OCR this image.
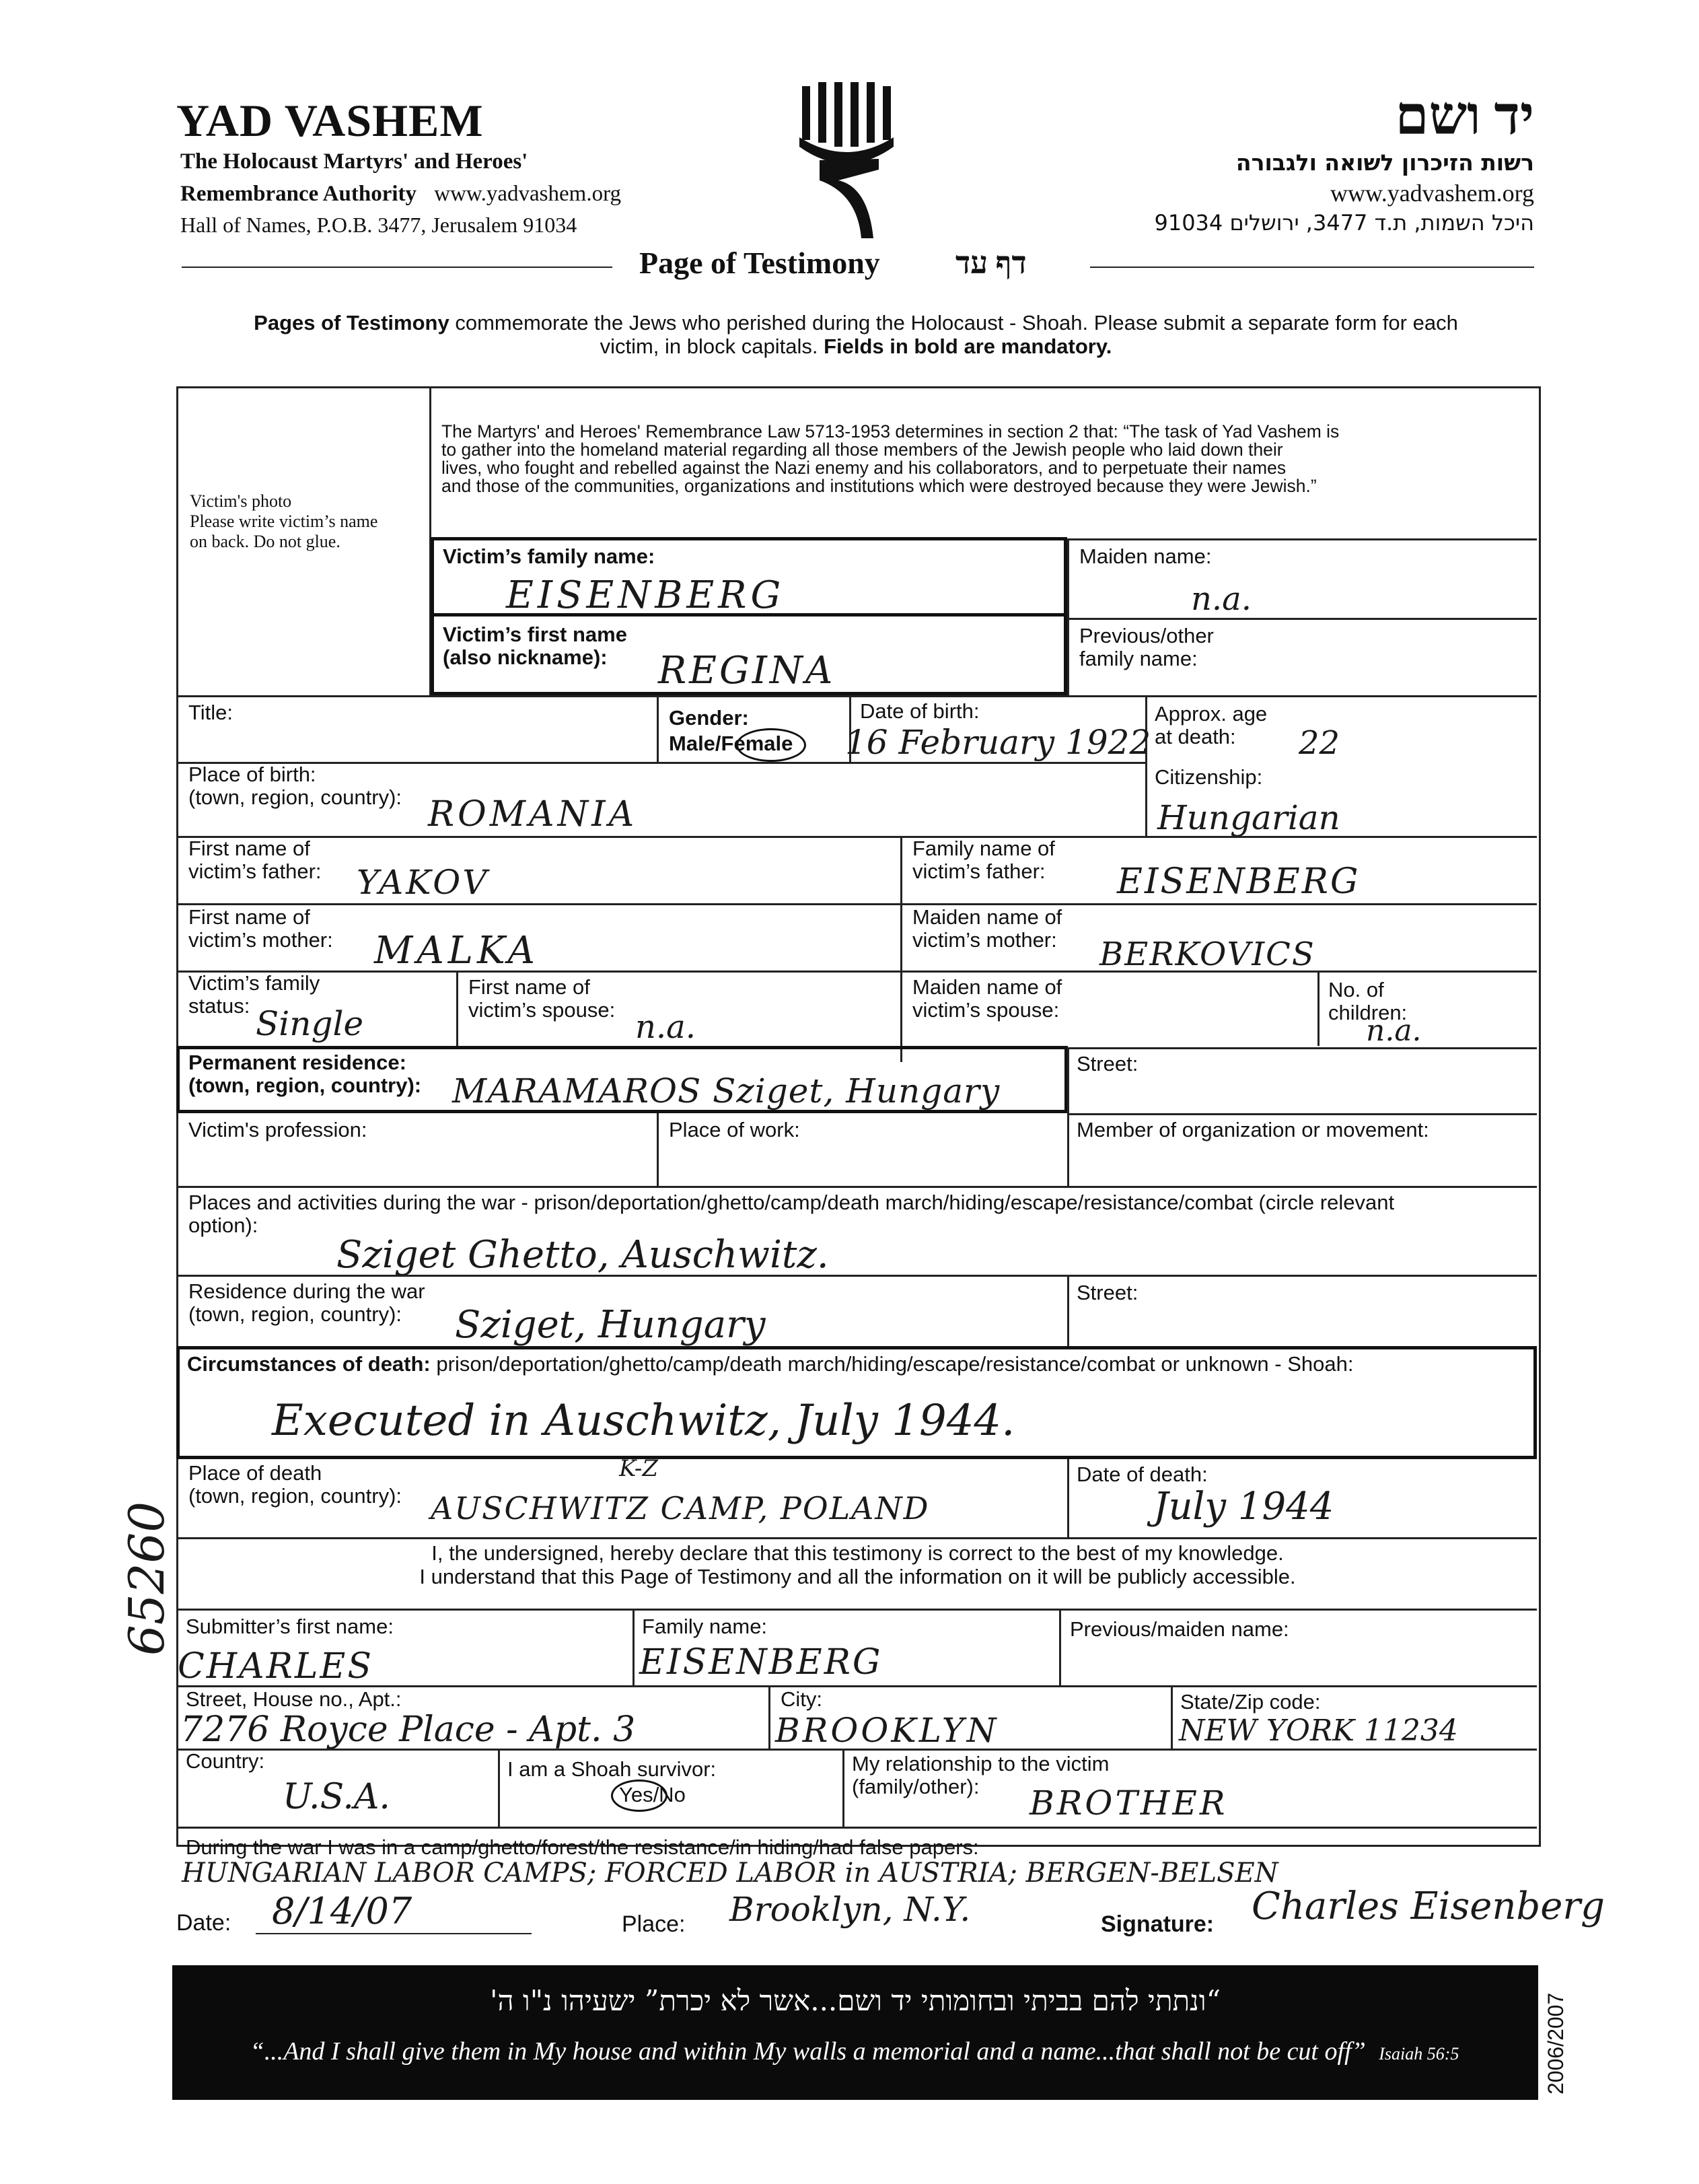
YAD VASHEM
The Holocaust Martyrs' and Heroes'
Remembrance Authority www.yadvashem.org
Hall of Names, P.O.B. 3477, Jerusalem 91034
יד ושם
רשות הזיכרון לשואה ולגבורה
www.yadvashem.org
היכל השמות, ת.ד 3477, ירושלים 91034
Page of Testimony דף עד
Pages of Testimony commemorate the Jews who perished during the Holocaust - Shoah. Please submit a separate form for each
victim, in block capitals. Fields in bold are mandatory.
Victim's photo
Please write victim’s name
on back. Do not glue.
The Martyrs' and Heroes' Remembrance Law 5713-1953 determines in section 2 that: “The task of Yad Vashem is
to gather into the homeland material regarding all those members of the Jewish people who laid down their
lives, who fought and rebelled against the Nazi enemy and his collaborators, and to perpetuate their names
and those of the communities, organizations and institutions which were destroyed because they were Jewish.”
Victim’s family name:
EISENBERG
Maiden name:
n.a.
Victim’s first name
(also nickname):	REGINA
Previous/other
family name:
Title:	Gender:
Male/Female
Date of birth:
16 February 1922
Approx. age
at death:	22
Place of birth:
(town, region, country): ROMANIA
Citizenship:
Hungarian
First name of
victim’s father: YAKOV
Family name of
victim’s father: EISENBERG
First name of
victim’s mother: MALKA
Maiden name of
victim’s mother: BERKOVICS
Victim’s family
status: Single
First name of
victim’s spouse: n.a.
Maiden name of
victim’s spouse:
No. of
children:
n.a.
Permanent residence:
(town, region, country): MARAMAROS Sziget, Hungary
Street:
Victim's profession:	Place of work:	Member of organization or movement:
Places and activities during the war - prison/deportation/ghetto/camp/death march/hiding/escape/resistance/combat (circle relevant
option):
Sziget Ghetto, Auschwitz.
Residence during the war
(town, region, country):	Sziget, Hungary
Street:
Circumstances of death: prison/deportation/ghetto/camp/death march/hiding/escape/resistance/combat or unknown - Shoah:
Executed in Auschwitz, July 1944.
Place of death
(town, region, country):
K-Z
AUSCHWITZ CAMP, POLAND
Date of death:
July 1944
I, the undersigned, hereby declare that this testimony is correct to the best of my knowledge.
I understand that this Page of Testimony and all the information on it will be publicly accessible.
Submitter’s first name:
CHARLES
Family name:
EISENBERG
Previous/maiden name:
Street, House no., Apt.:
7276 Royce Place - Apt. 3
City:
BROOKLYN
State/Zip code:
NEW YORK 11234
Country:
U.S.A.
I am a Shoah survivor:
Yes/No
My relationship to the victim
(family/other):	BROTHER
During the war I was in a camp/ghetto/forest/the resistance/in hiding/had false papers:
HUNGARIAN LABOR CAMPS; FORCED LABOR in AUSTRIA; BERGEN-BELSEN
Date: 8/14/07	Place: Brooklyn, N.Y.	Signature: Charles Eisenberg
“ונתתי להם בביתי ובחומותי יד ושם...אשר לא יכרת” ישעיהו נ"ו ה'
“...And I shall give them in My house and within My walls a memorial and a name...that shall not be cut off” Isaiah 56:5	2006/2007
65260
